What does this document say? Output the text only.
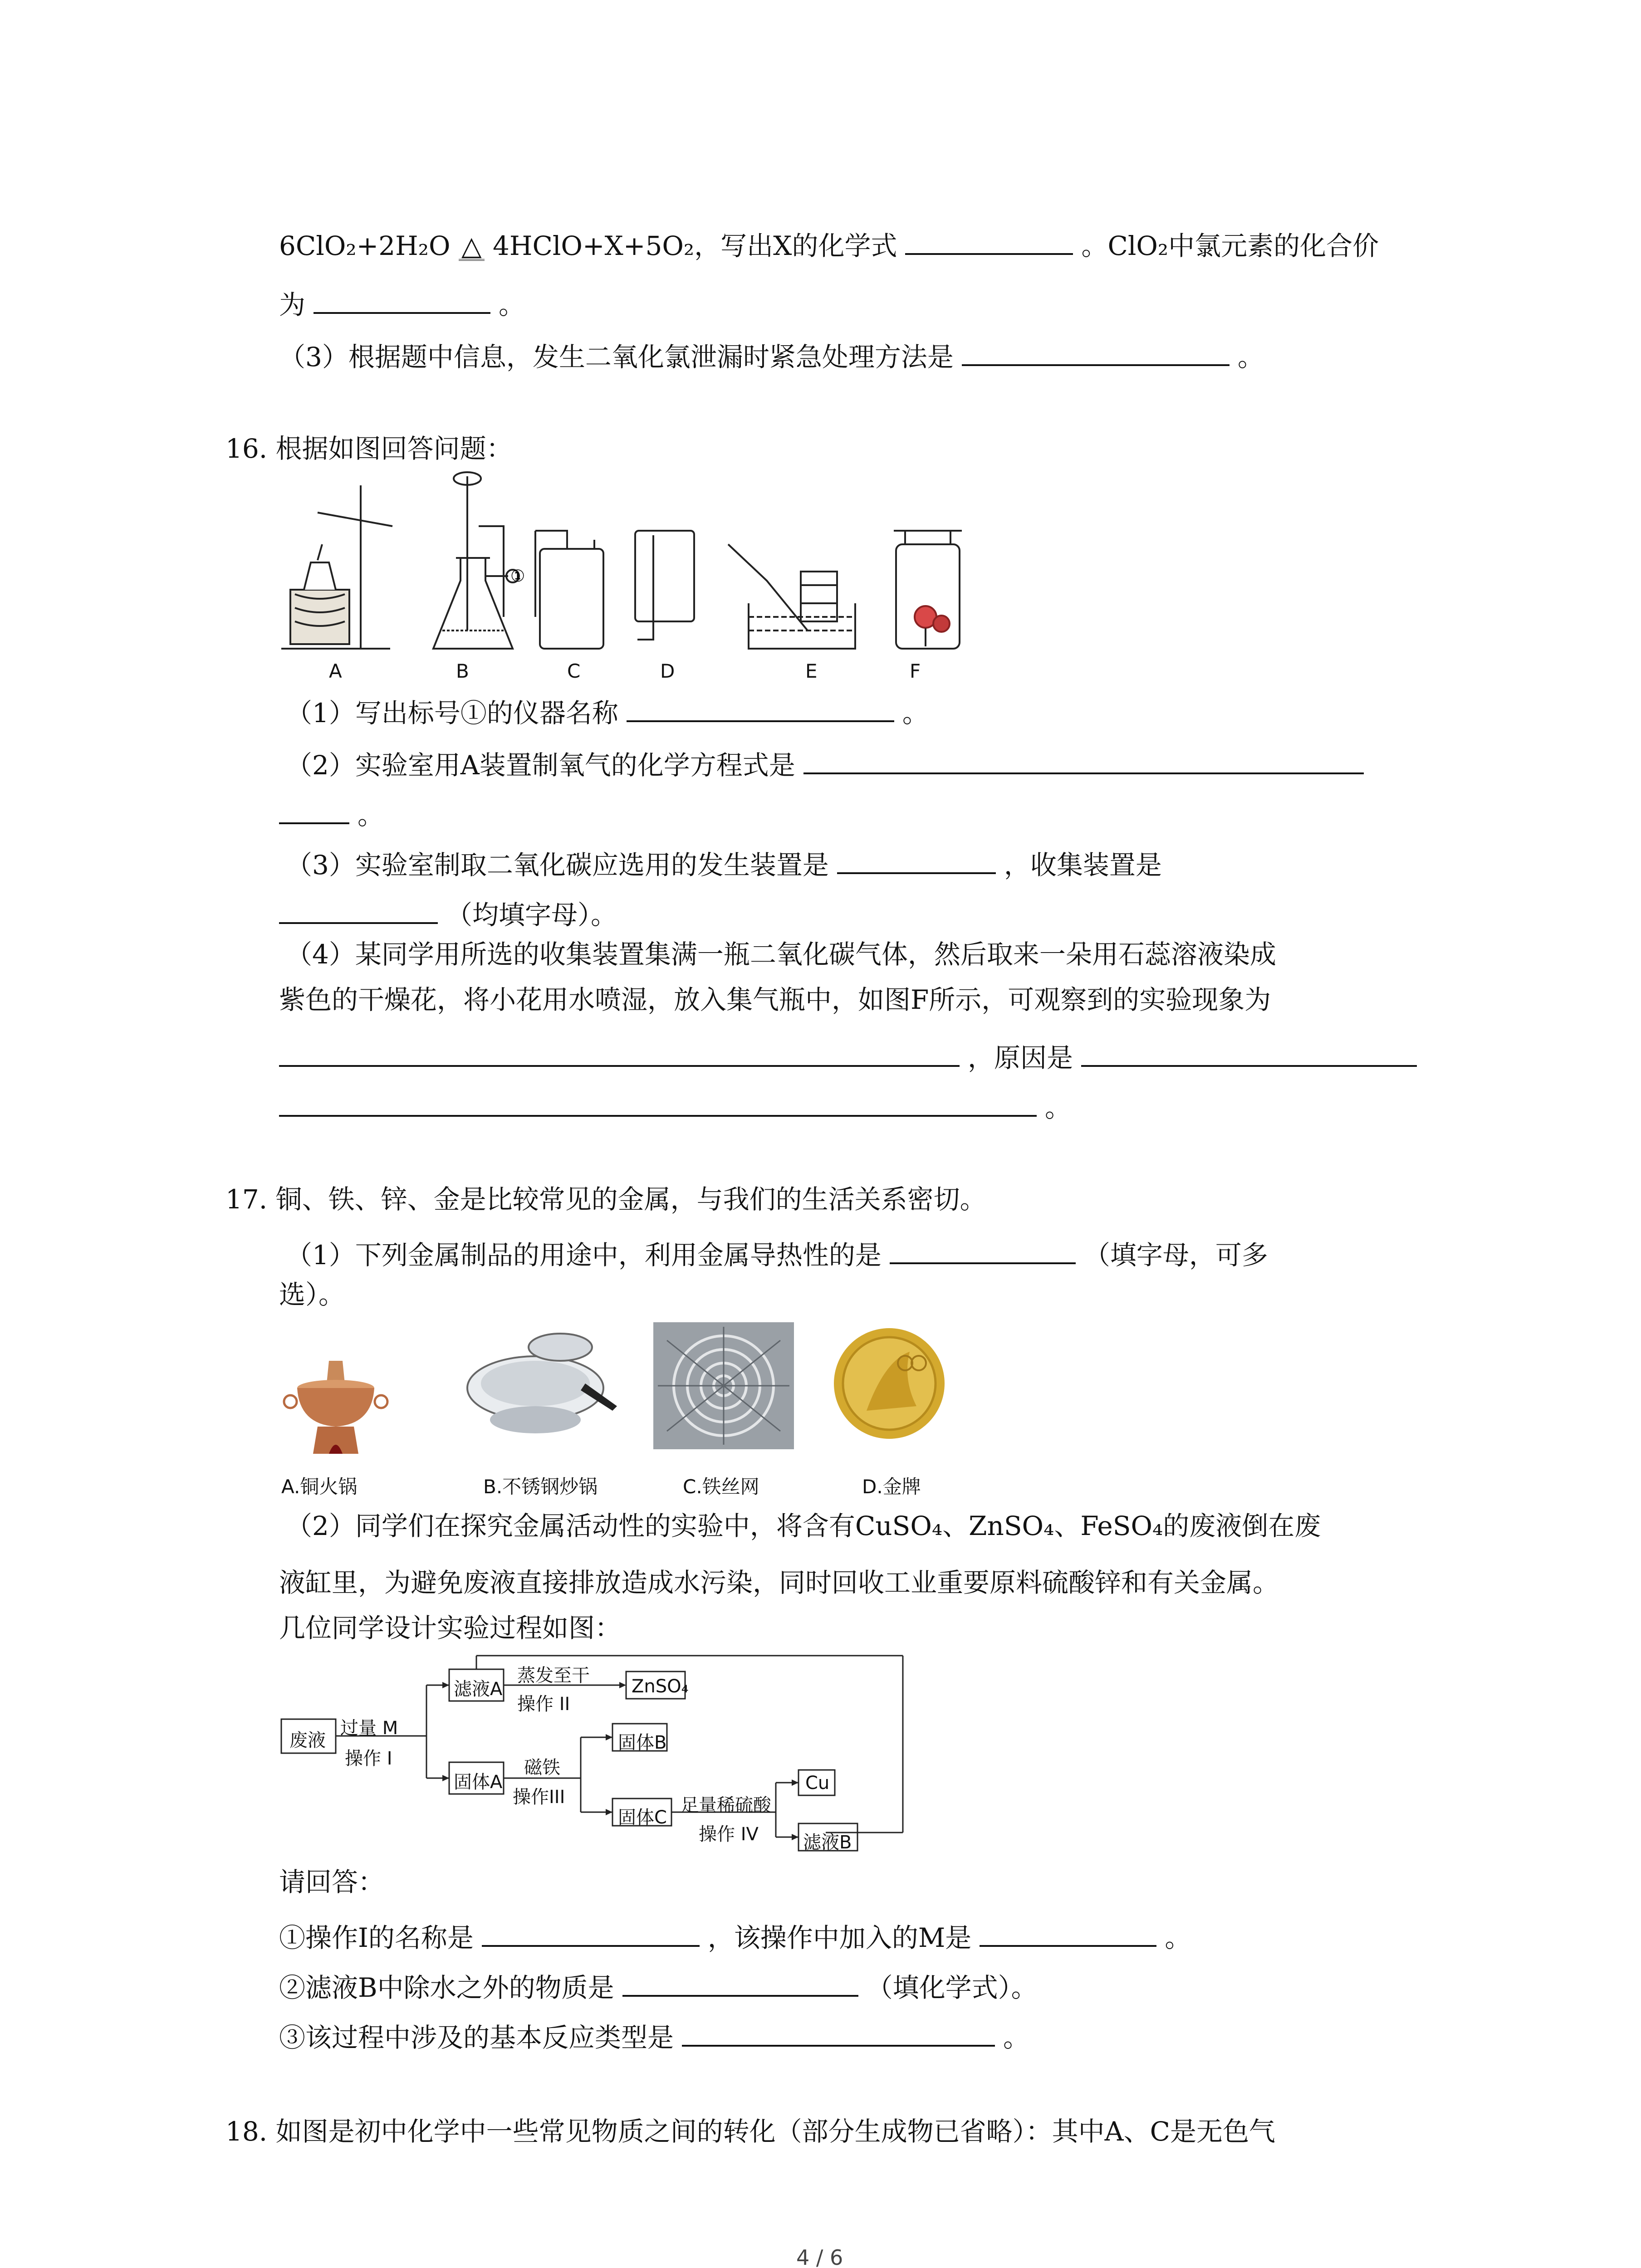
6ClO₂+2H₂O △ 4HClO+X+5O₂，写出X的化学式	。ClO₂中氯元素的化合价
为	。
（3）根据题中信息，发生二氧化氯泄漏时紧急处理方法是	。
16. 根据如图回答问题：
①
A	B	C	D	E	F
（1）写出标号①的仪器名称	。
（2）实验室用A装置制氧气的化学方程式是
。
（3）实验室制取二氧化碳应选用的发生装置是	，收集装置是
（均填字母）。
（4）某同学用所选的收集装置集满一瓶二氧化碳气体，然后取来一朵用石蕊溶液染成
紫色的干燥花，将小花用水喷湿，放入集气瓶中，如图F所示，可观察到的实验现象为
，原因是
。
17. 铜、铁、锌、金是比较常见的金属，与我们的生活关系密切。
（1）下列金属制品的用途中，利用金属导热性的是	（填字母，可多
选）。
A.铜火锅	B.不锈钢炒锅	C.铁丝网	D.金牌
（2）同学们在探究金属活动性的实验中，将含有CuSO₄、ZnSO₄、FeSO₄的废液倒在废
液缸里，为避免废液直接排放造成水污染，同时回收工业重要原料硫酸锌和有关金属。
几位同学设计实验过程如图：
废液
过量 M
操作 I
滤液A
蒸发至干
操作 II
ZnSO₄
固体A
磁铁
操作III
固体B
固体C
足量稀硫酸
操作 IV
Cu
滤液B
请回答：
①操作Ⅰ的名称是	，该操作中加入的M是	。
②滤液B中除水之外的物质是	（填化学式）。
③该过程中涉及的基本反应类型是	。
18. 如图是初中化学中一些常见物质之间的转化（部分生成物已省略）：其中A、C是无色气
4 / 6
